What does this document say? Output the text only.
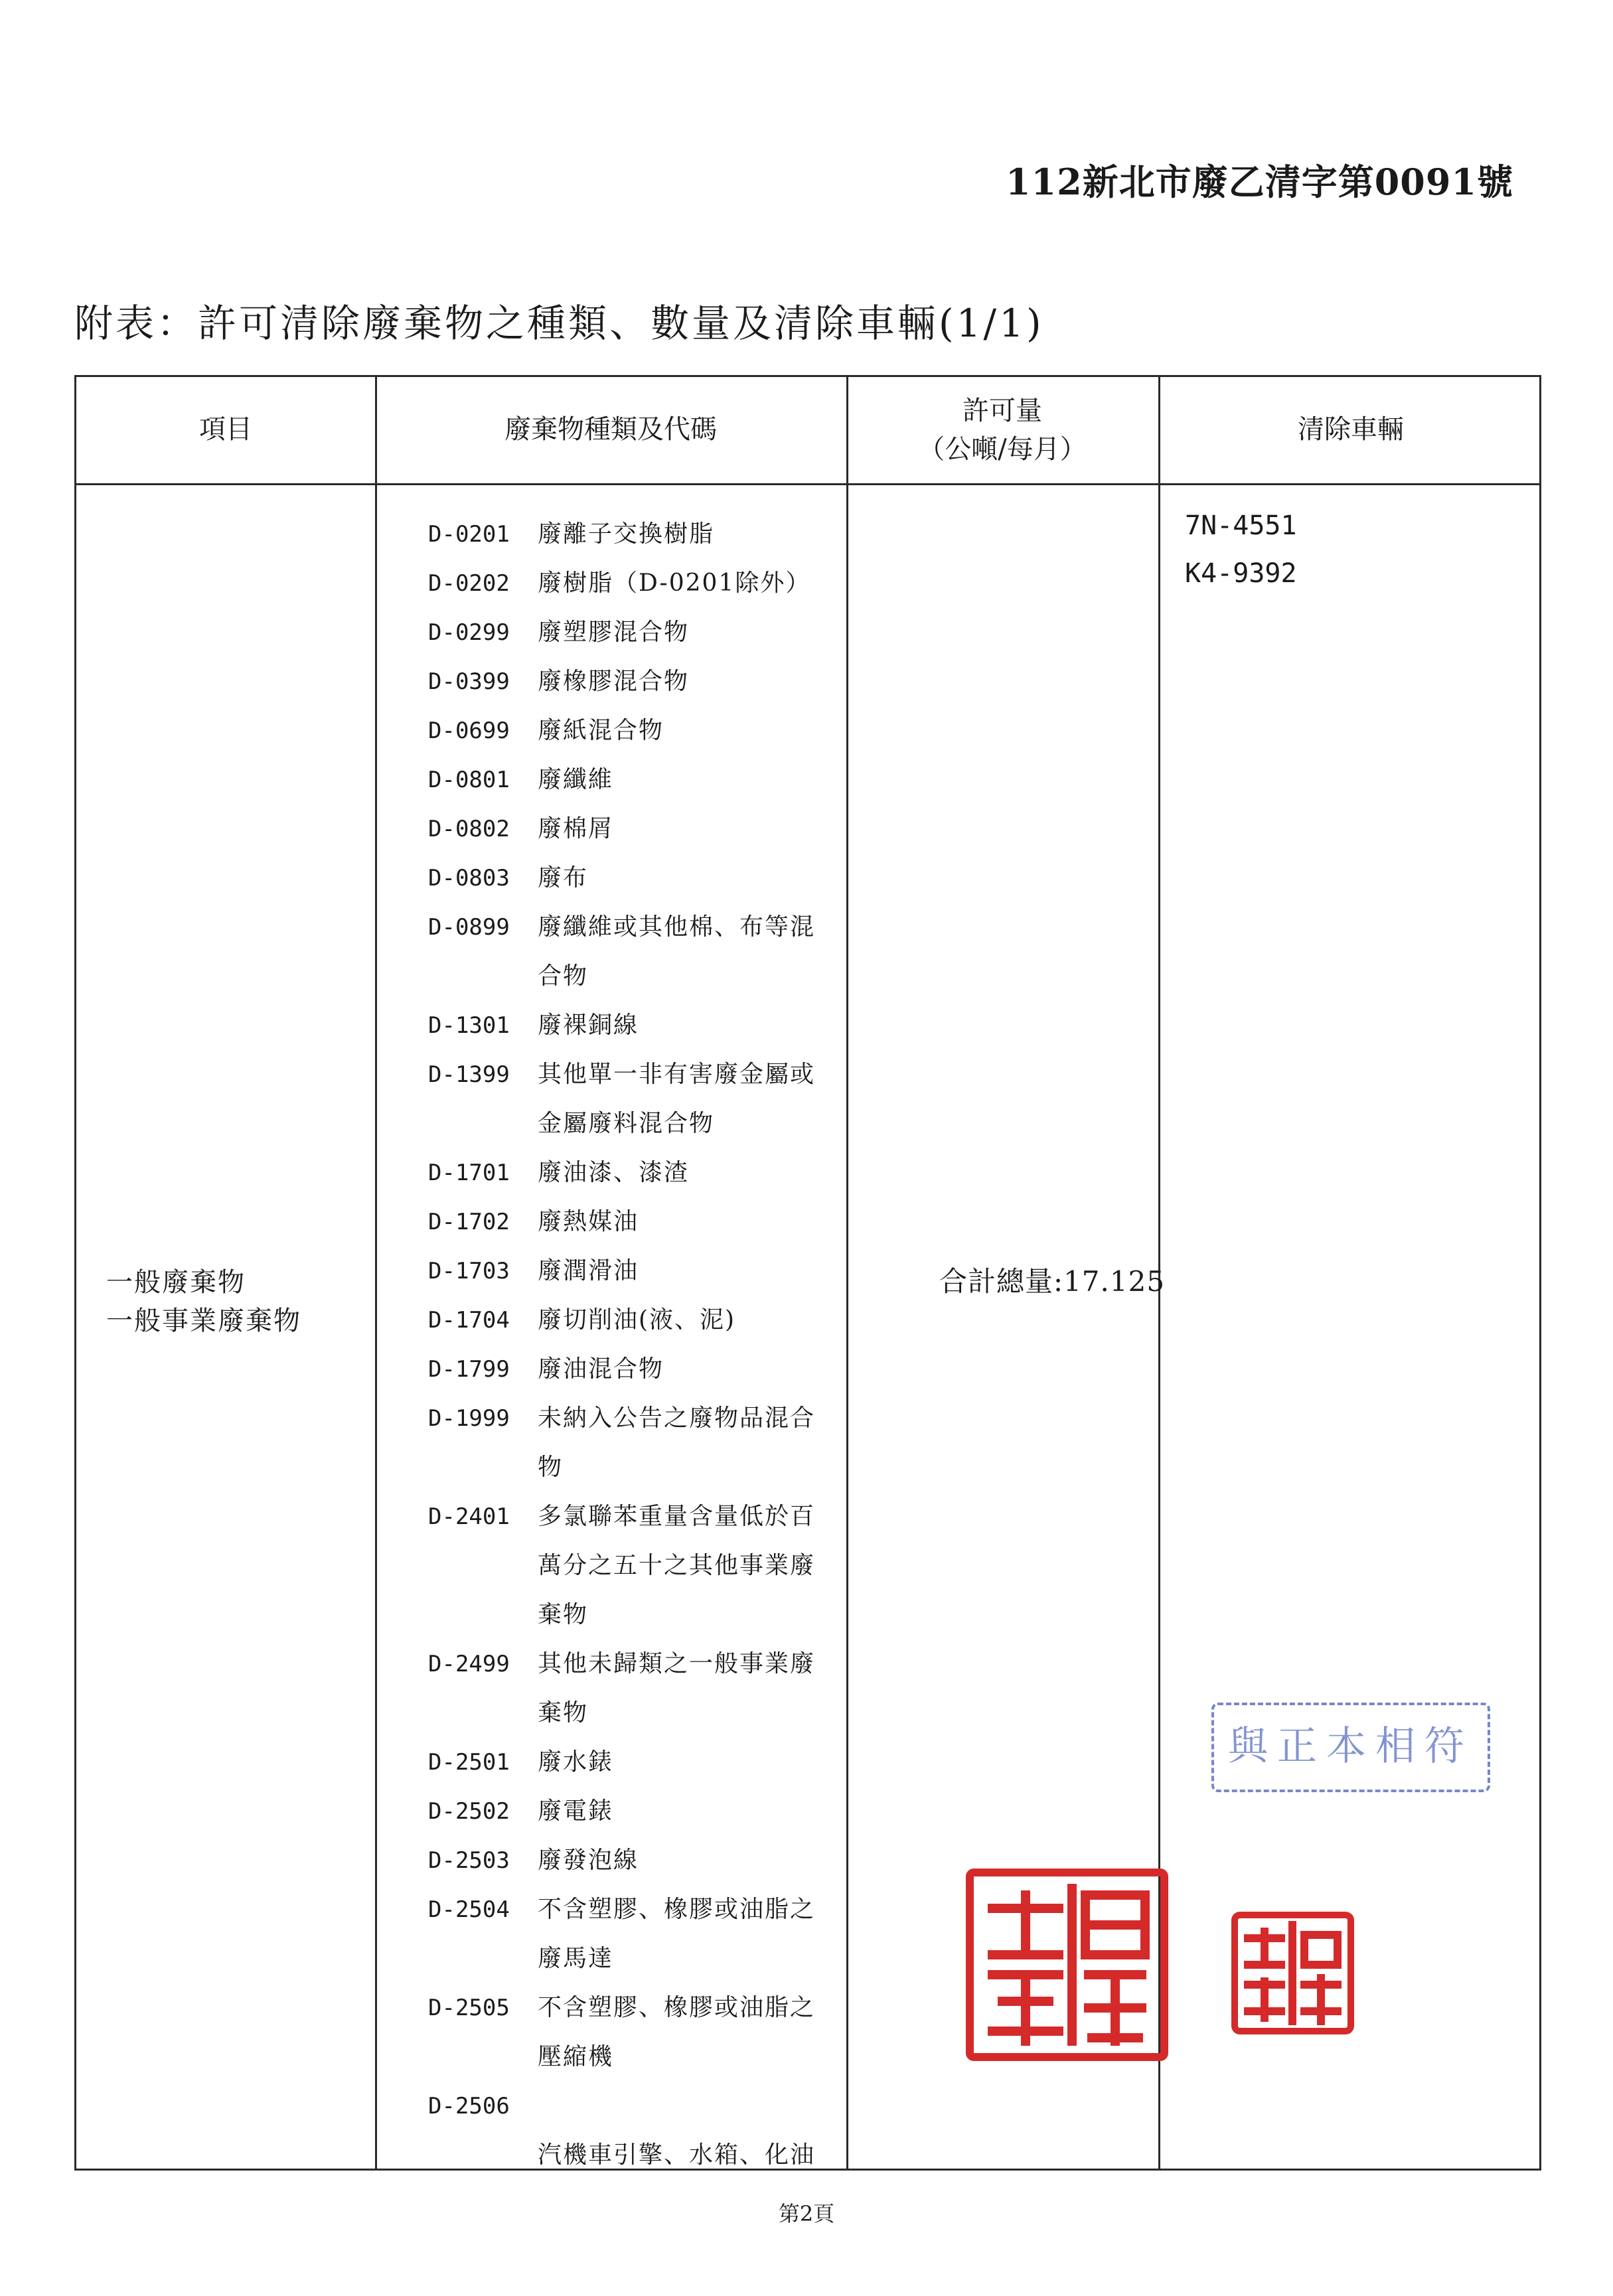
112新北市廢乙清字第0091號
附表：許可清除廢棄物之種類、數量及清除車輛(1/1)
項目	廢棄物種類及代碼
許可量
（公噸/每月）
清除車輛
一般廢棄物
一般事業廢棄物
D-0201 廢離子交換樹脂
D-0202 廢樹脂（D-0201除外）
D-0299 廢塑膠混合物
D-0399 廢橡膠混合物
D-0699 廢紙混合物
D-0801 廢纖維
D-0802 廢棉屑
D-0803 廢布
D-0899 廢纖維或其他棉、布等混
合物
D-1301 廢裸銅線
D-1399 其他單一非有害廢金屬或
金屬廢料混合物
D-1701 廢油漆、漆渣
D-1702 廢熱媒油
D-1703 廢潤滑油
D-1704 廢切削油(液、泥)
D-1799 廢油混合物
D-1999 未納入公告之廢物品混合
物
D-2401 多氯聯苯重量含量低於百
萬分之五十之其他事業廢
棄物
D-2499 其他未歸類之一般事業廢
棄物
D-2501 廢水錶
D-2502 廢電錶
D-2503 廢發泡線
D-2504 不含塑膠、橡膠或油脂之
廢馬達
D-2505 不含塑膠、橡膠或油脂之
壓縮機
D-2506
汽機車引擎、水箱、化油
合計總量:17.125
7N-4551
K4-9392
與正本相符
第2頁
